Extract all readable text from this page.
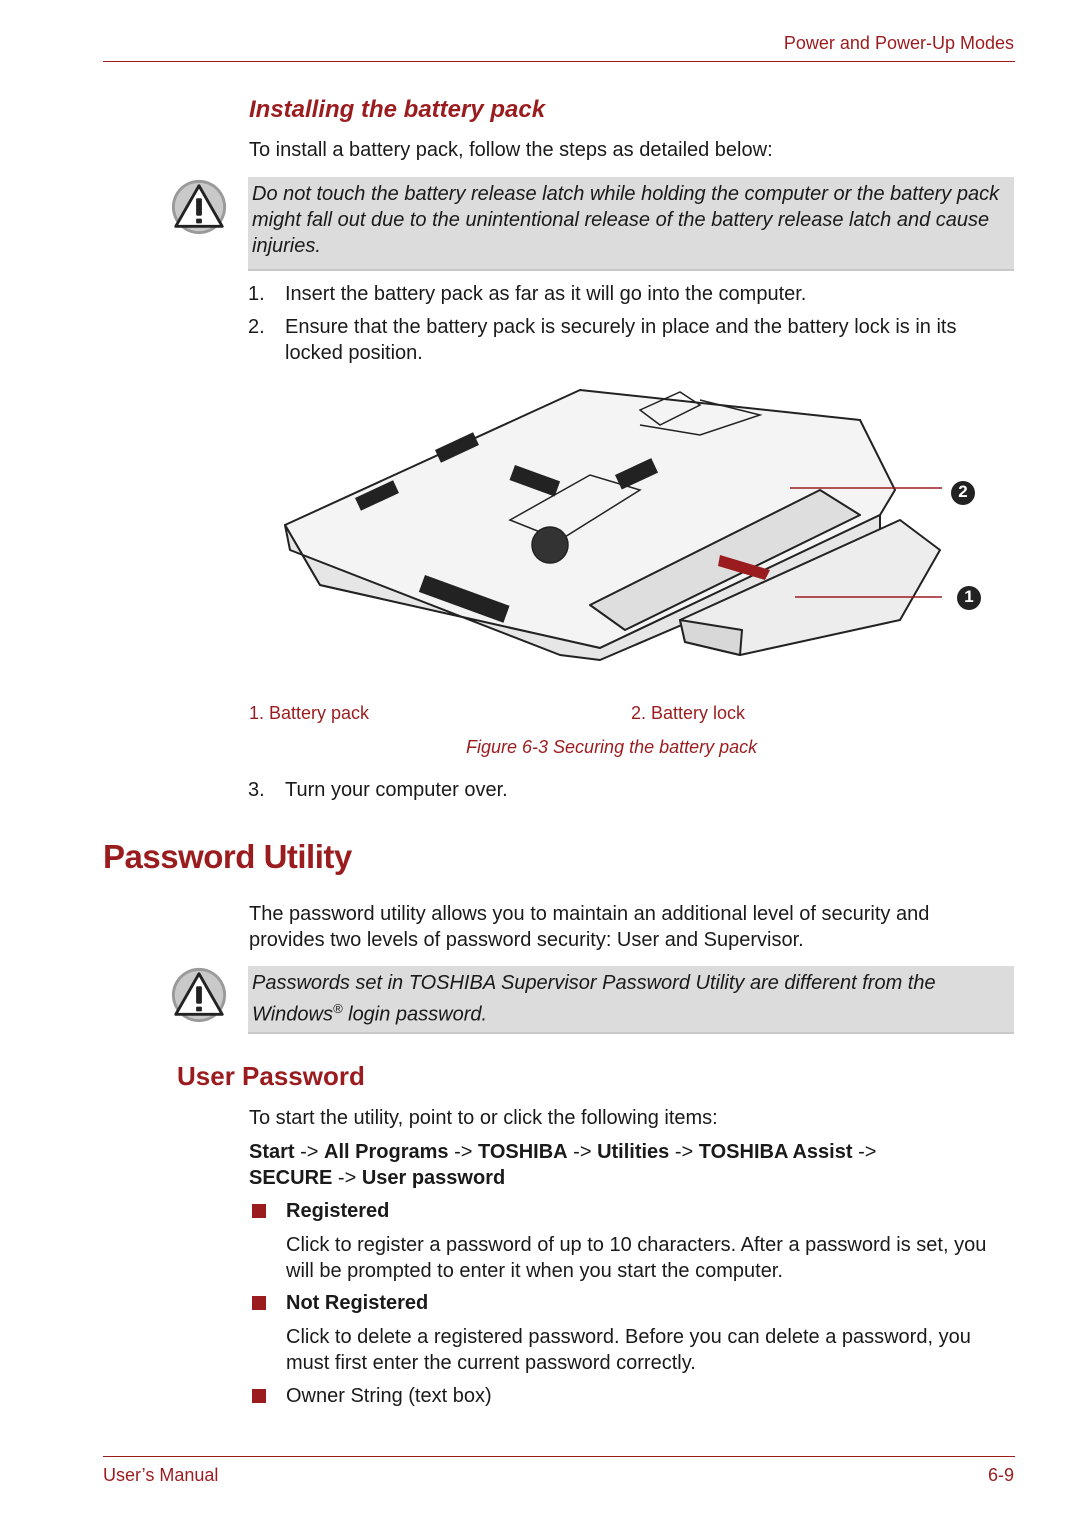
Power and Power-Up Modes
Installing the battery pack
To install a battery pack, follow the steps as detailed below:
Do not touch the battery release latch while holding the computer or the battery pack might fall out due to the unintentional release of the battery release latch and cause injuries.
1.	Insert the battery pack as far as it will go into the computer.
2.	Ensure that the battery pack is securely in place and the battery lock is in its locked position.
2
1
1. Battery pack	2. Battery lock
Figure 6-3 Securing the battery pack
3.	Turn your computer over.
Password Utility
The password utility allows you to maintain an additional level of security and provides two levels of password security: User and Supervisor.
Passwords set in TOSHIBA Supervisor Password Utility are different from the Windows® login password.
User Password
To start the utility, point to or click the following items:
Start -> All Programs -> TOSHIBA -> Utilities -> TOSHIBA Assist ->
SECURE -> User password
Registered
Click to register a password of up to 10 characters. After a password is set, you will be prompted to enter it when you start the computer.
Not Registered
Click to delete a registered password. Before you can delete a password, you must first enter the current password correctly.
Owner String (text box)
User’s Manual	6-9
